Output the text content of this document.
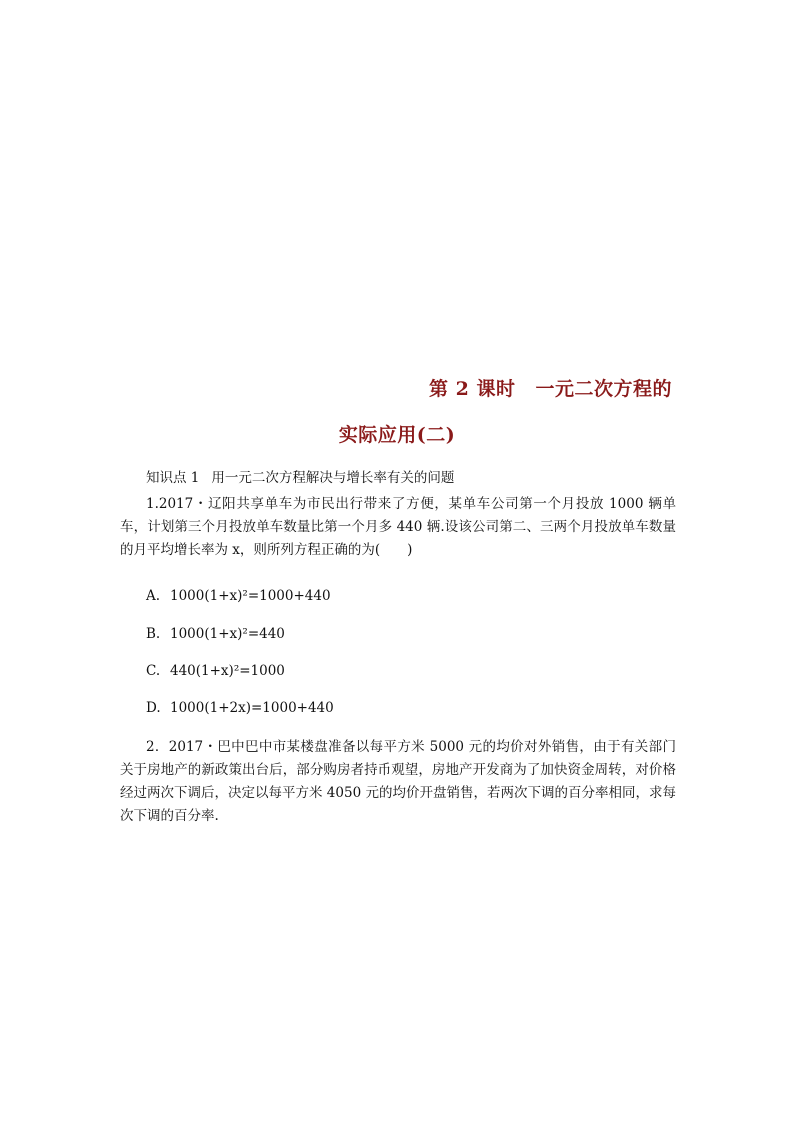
第 2 课时 一元二次方程的
实际应用(二)
知识点 1 用一元二次方程解决与增长率有关的问题
1.2017・辽阳共享单车为市民出行带来了方便，某单车公司第一个月投放 1000 辆单车，计划第三个月投放单车数量比第一个月多 440 辆.设该公司第二、三两个月投放单车数量的月平均增长率为 x，则所列方程正确的为(　　)
A. 1000(1+x)²=1000+440
B. 1000(1+x)²=440
C. 440(1+x)²=1000
D. 1000(1+2x)=1000+440
2．2017・巴中巴中市某楼盘准备以每平方米 5000 元的均价对外销售，由于有关部门关于房地产的新政策出台后，部分购房者持币观望，房地产开发商为了加快资金周转，对价格经过两次下调后，决定以每平方米 4050 元的均价开盘销售，若两次下调的百分率相同，求每次下调的百分率.
